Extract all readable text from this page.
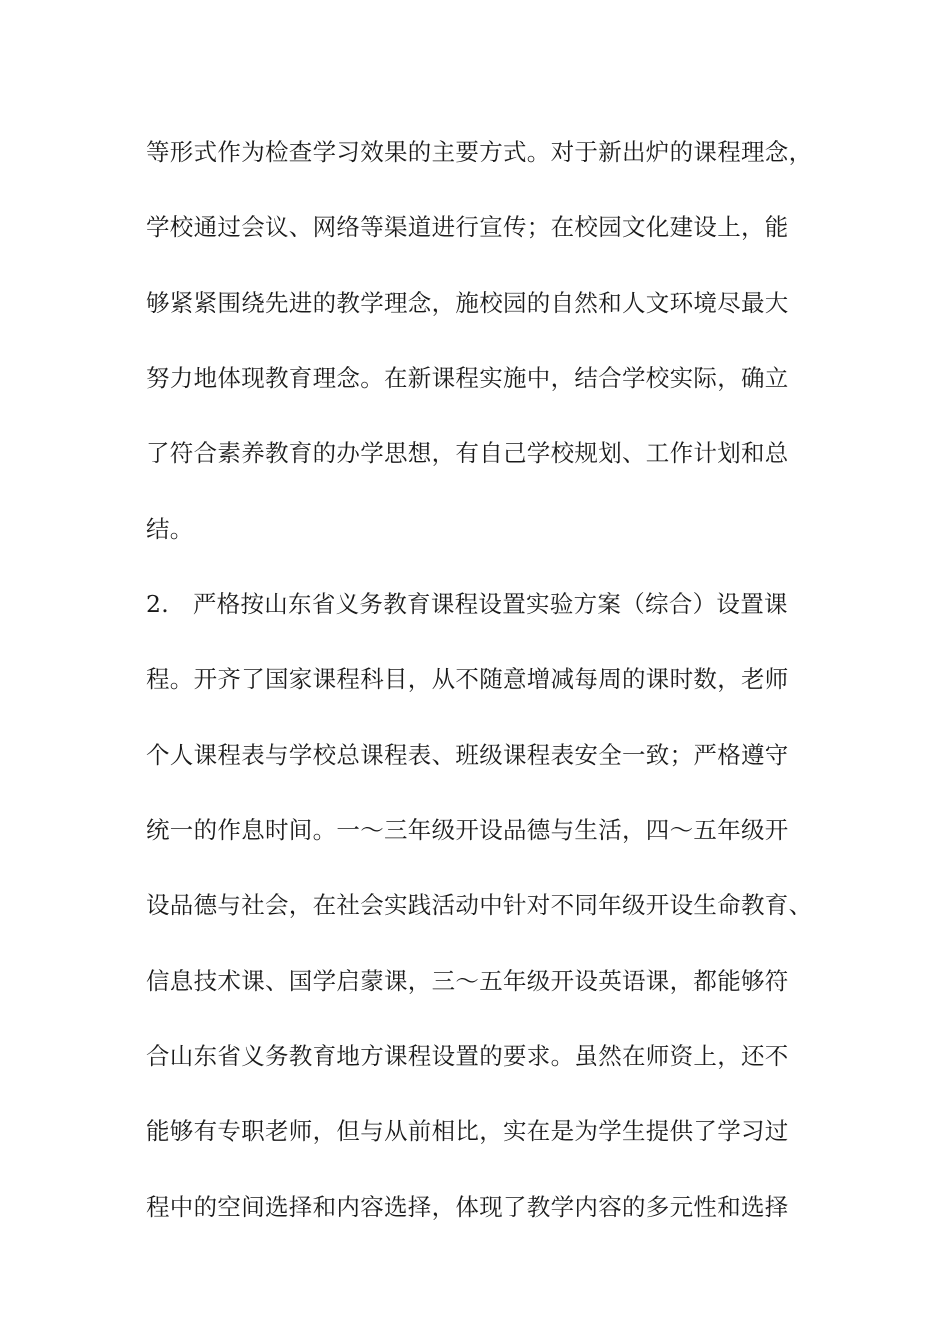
等形式作为检查学习效果的主要方式。对于新出炉的课程理念，
学校通过会议、网络等渠道进行宣传；在校园文化建设上，能
够紧紧围绕先进的教学理念，施校园的自然和人文环境尽最大
努力地体现教育理念。在新课程实施中，结合学校实际，确立
了符合素养教育的办学思想，有自己学校规划、工作计划和总
结。
2.　严格按山东省义务教育课程设置实验方案（综合）设置课
程。开齐了国家课程科目，从不随意增减每周的课时数，老师
个人课程表与学校总课程表、班级课程表安全一致；严格遵守
统一的作息时间。一～三年级开设品德与生活，四～五年级开
设品德与社会，在社会实践活动中针对不同年级开设生命教育、
信息技术课、国学启蒙课，三～五年级开设英语课，都能够符
合山东省义务教育地方课程设置的要求。虽然在师资上，还不
能够有专职老师，但与从前相比，实在是为学生提供了学习过
程中的空间选择和内容选择，体现了教学内容的多元性和选择
